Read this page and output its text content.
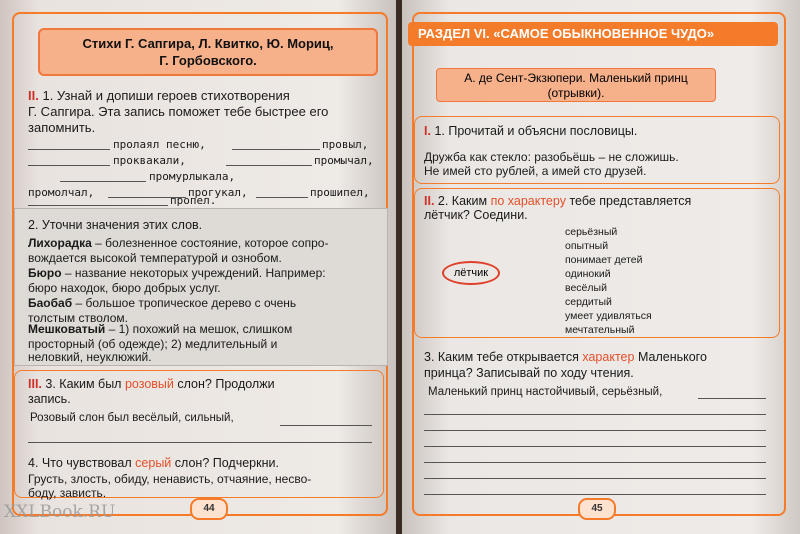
Стихи Г. Сапгира, Л. Квитко, Ю. Мориц,
Г. Горбовского.
II. 1. Узнай и допиши героев стихотворения
Г. Сапгира. Эта запись поможет тебе быстрее его
запомнить.
пролаял песню,	провыл,
проквакали,	промычал,
промурлыкала,
промолчал,	прогукал,	прошипел,
пропел.
2. Уточни значения этих слов.
Лихорадка – болезненное состояние, которое сопро-
вождается высокой температурой и ознобом.
Бюро – название некоторых учреждений. Например:
бюро находок, бюро добрых услуг.
Баобаб – большое тропическое дерево с очень
толстым стволом.
Мешковатый – 1) похожий на мешок, слишком
просторный (об одежде); 2) медлительный и
неловкий, неуклюжий.
III. 3. Каким был розовый слон? Продолжи
запись.
Розовый слон был весёлый, сильный,
4. Что чувствовал серый слон? Подчеркни.
Грусть, злость, обиду, ненависть, отчаяние, несво-
боду, зависть.
44
РАЗДЕЛ VI. «САМОЕ ОБЫКНОВЕННОЕ ЧУДО»
А. де Сент-Экзюпери. Маленький принц
(отрывки).
I. 1. Прочитай и объясни пословицы.
Дружба как стекло: разобьёшь – не сложишь.
Не имей сто рублей, а имей сто друзей.
II. 2. Каким по характеру тебе представляется
лётчик? Соедини.
лётчик
серьёзный
опытный
понимает детей
одинокий
весёлый
сердитый
умеет удивляться
мечтательный
3. Каким тебе открывается характер Маленького
принца? Записывай по ходу чтения.
Маленький принц настойчивый, серьёзный,
45
XXLBook.RU
